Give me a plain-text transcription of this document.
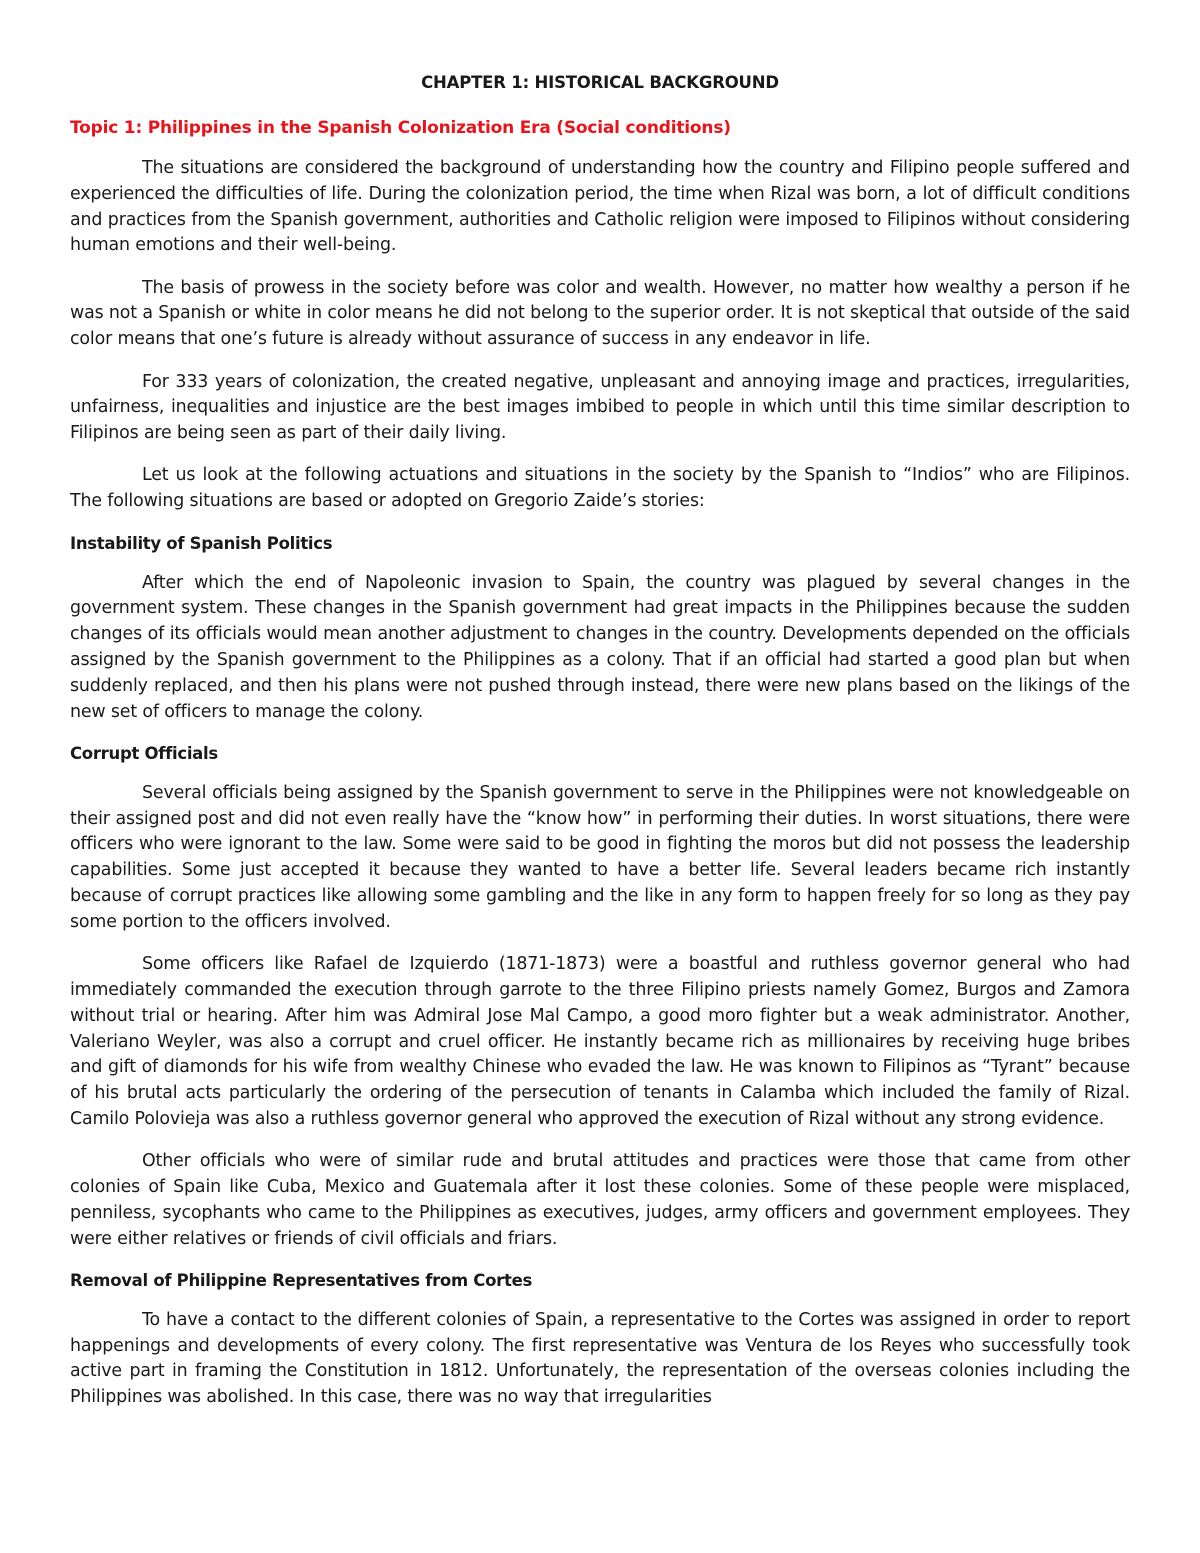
CHAPTER 1: HISTORICAL BACKGROUND
Topic 1: Philippines in the Spanish Colonization Era (Social conditions)

The situations are considered the background of understanding how the country and Filipino people suffered and experienced the difficulties of life. During the colonization period, the time when Rizal was born, a lot of difficult conditions and practices from the Spanish government, authorities and Catholic religion were imposed to Filipinos without considering human emotions and their well-being.

The basis of prowess in the society before was color and wealth. However, no matter how wealthy a person if he was not a Spanish or white in color means he did not belong to the superior order. It is not skeptical that outside of the said color means that one’s future is already without assurance of success in any endeavor in life.

For 333 years of colonization, the created negative, unpleasant and annoying image and practices, irregularities, unfairness, inequalities and injustice are the best images imbibed to people in which until this time similar description to Filipinos are being seen as part of their daily living.

Let us look at the following actuations and situations in the society by the Spanish to “Indios” who are Filipinos. The following situations are based or adopted on Gregorio Zaide’s stories:

Instability of Spanish Politics

After which the end of Napoleonic invasion to Spain, the country was plagued by several changes in the government system. These changes in the Spanish government had great impacts in the Philippines because the sudden changes of its officials would mean another adjustment to changes in the country. Developments depended on the officials assigned by the Spanish government to the Philippines as a colony. That if an official had started a good plan but when suddenly replaced, and then his plans were not pushed through instead, there were new plans based on the likings of the new set of officers to manage the colony.

Corrupt Officials

Several officials being assigned by the Spanish government to serve in the Philippines were not knowledgeable on their assigned post and did not even really have the “know how” in performing their duties. In worst situations, there were officers who were ignorant to the law. Some were said to be good in fighting the moros but did not possess the leadership capabilities. Some just accepted it because they wanted to have a better life. Several leaders became rich instantly because of corrupt practices like allowing some gambling and the like in any form to happen freely for so long as they pay some portion to the officers involved.

Some officers like Rafael de Izquierdo (1871-1873) were a boastful and ruthless governor general who had immediately commanded the execution through garrote to the three Filipino priests namely Gomez, Burgos and Zamora without trial or hearing. After him was Admiral Jose Mal Campo, a good moro fighter but a weak administrator. Another, Valeriano Weyler, was also a corrupt and cruel officer. He instantly became rich as millionaires by receiving huge bribes and gift of diamonds for his wife from wealthy Chinese who evaded the law. He was known to Filipinos as “Tyrant” because of his brutal acts particularly the ordering of the persecution of tenants in Calamba which included the family of Rizal. Camilo Polovieja was also a ruthless governor general who approved the execution of Rizal without any strong evidence.

Other officials who were of similar rude and brutal attitudes and practices were those that came from other colonies of Spain like Cuba, Mexico and Guatemala after it lost these colonies. Some of these people were misplaced, penniless, sycophants who came to the Philippines as executives, judges, army officers and government employees. They were either relatives or friends of civil officials and friars.

Removal of Philippine Representatives from Cortes

To have a contact to the different colonies of Spain, a representative to the Cortes was assigned in order to report happenings and developments of every colony. The first representative was Ventura de los Reyes who successfully took active part in framing the Constitution in 1812. Unfortunately, the representation of the overseas colonies including the Philippines was abolished. In this case, there was no way that irregularities
